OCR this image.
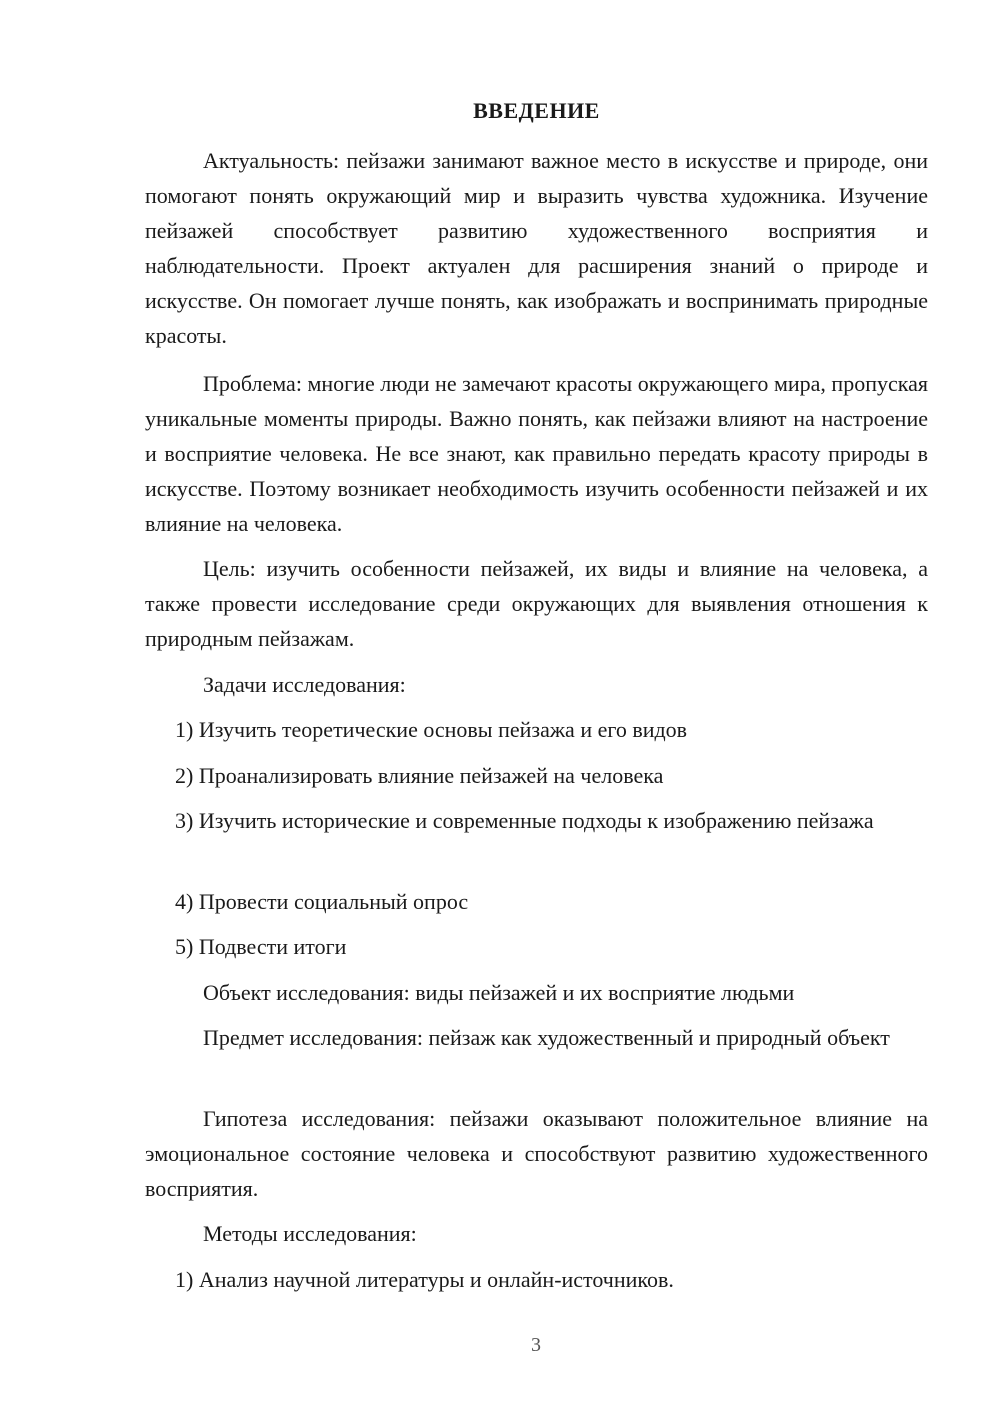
ВВЕДЕНИЕ

Актуальность: пейзажи занимают важное место в искусстве и природе, они помогают понять окружающий мир и выразить чувства художника. Изучение пейзажей способствует развитию художественного восприятия и наблюдательности. Проект актуален для расширения знаний о природе и искусстве. Он помогает лучше понять, как изображать и воспринимать природные красоты.

Проблема: многие люди не замечают красоты окружающего мира, пропуская уникальные моменты природы. Важно понять, как пейзажи влияют на настроение и восприятие человека. Не все знают, как правильно передать красоту природы в искусстве. Поэтому возникает необходимость изучить особенности пейзажей и их влияние на человека.

Цель: изучить особенности пейзажей, их виды и влияние на человека, а также провести исследование среди окружающих для выявления отношения к природным пейзажам.

Задачи исследования:

1) Изучить теоретические основы пейзажа и его видов

2) Проанализировать влияние пейзажей на человека

3) Изучить исторические и современные подходы к изображению пейзажа

4) Провести социальный опрос

5) Подвести итоги

Объект исследования: виды пейзажей и их восприятие людьми

Предмет исследования: пейзаж как художественный и природный объект

Гипотеза исследования: пейзажи оказывают положительное влияние на эмоциональное состояние человека и способствуют развитию художественного восприятия.

Методы исследования:

1) Анализ научной литературы и онлайн-источников.

3
